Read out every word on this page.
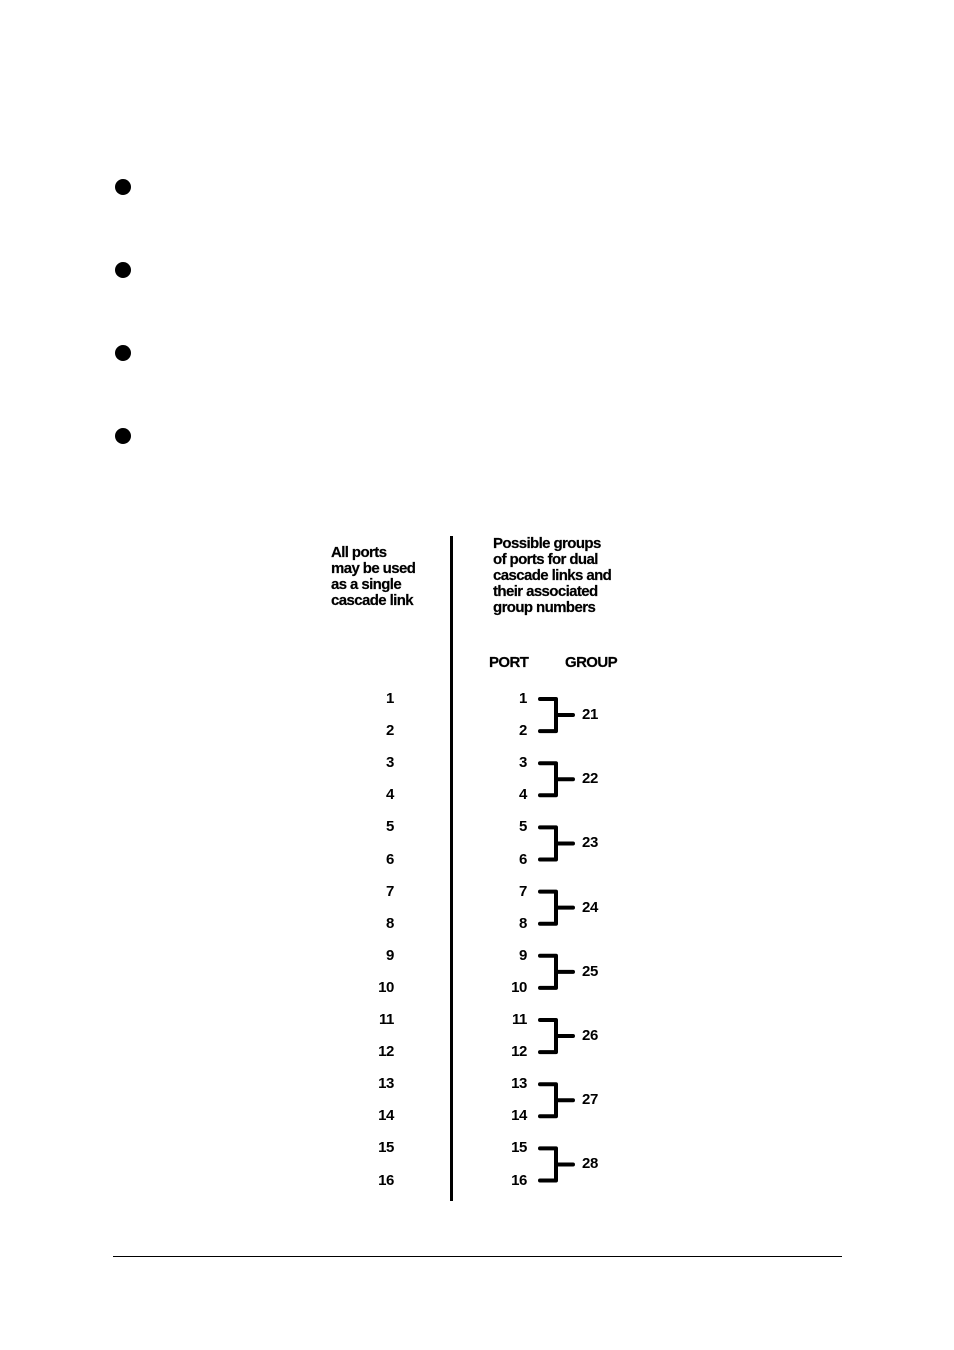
All ports
may be used
as a single
cascade link
Possible groups
of ports for dual
cascade links and
their associated
group numbers
PORT GROUP
1
2
3
4
5
6
7
8
9
10
11
12
13
14
15
16
1
2
21
3
4
22
5
6
23
7
8
24
9
10
25
11
12
26
13
14
27
15
16
28
